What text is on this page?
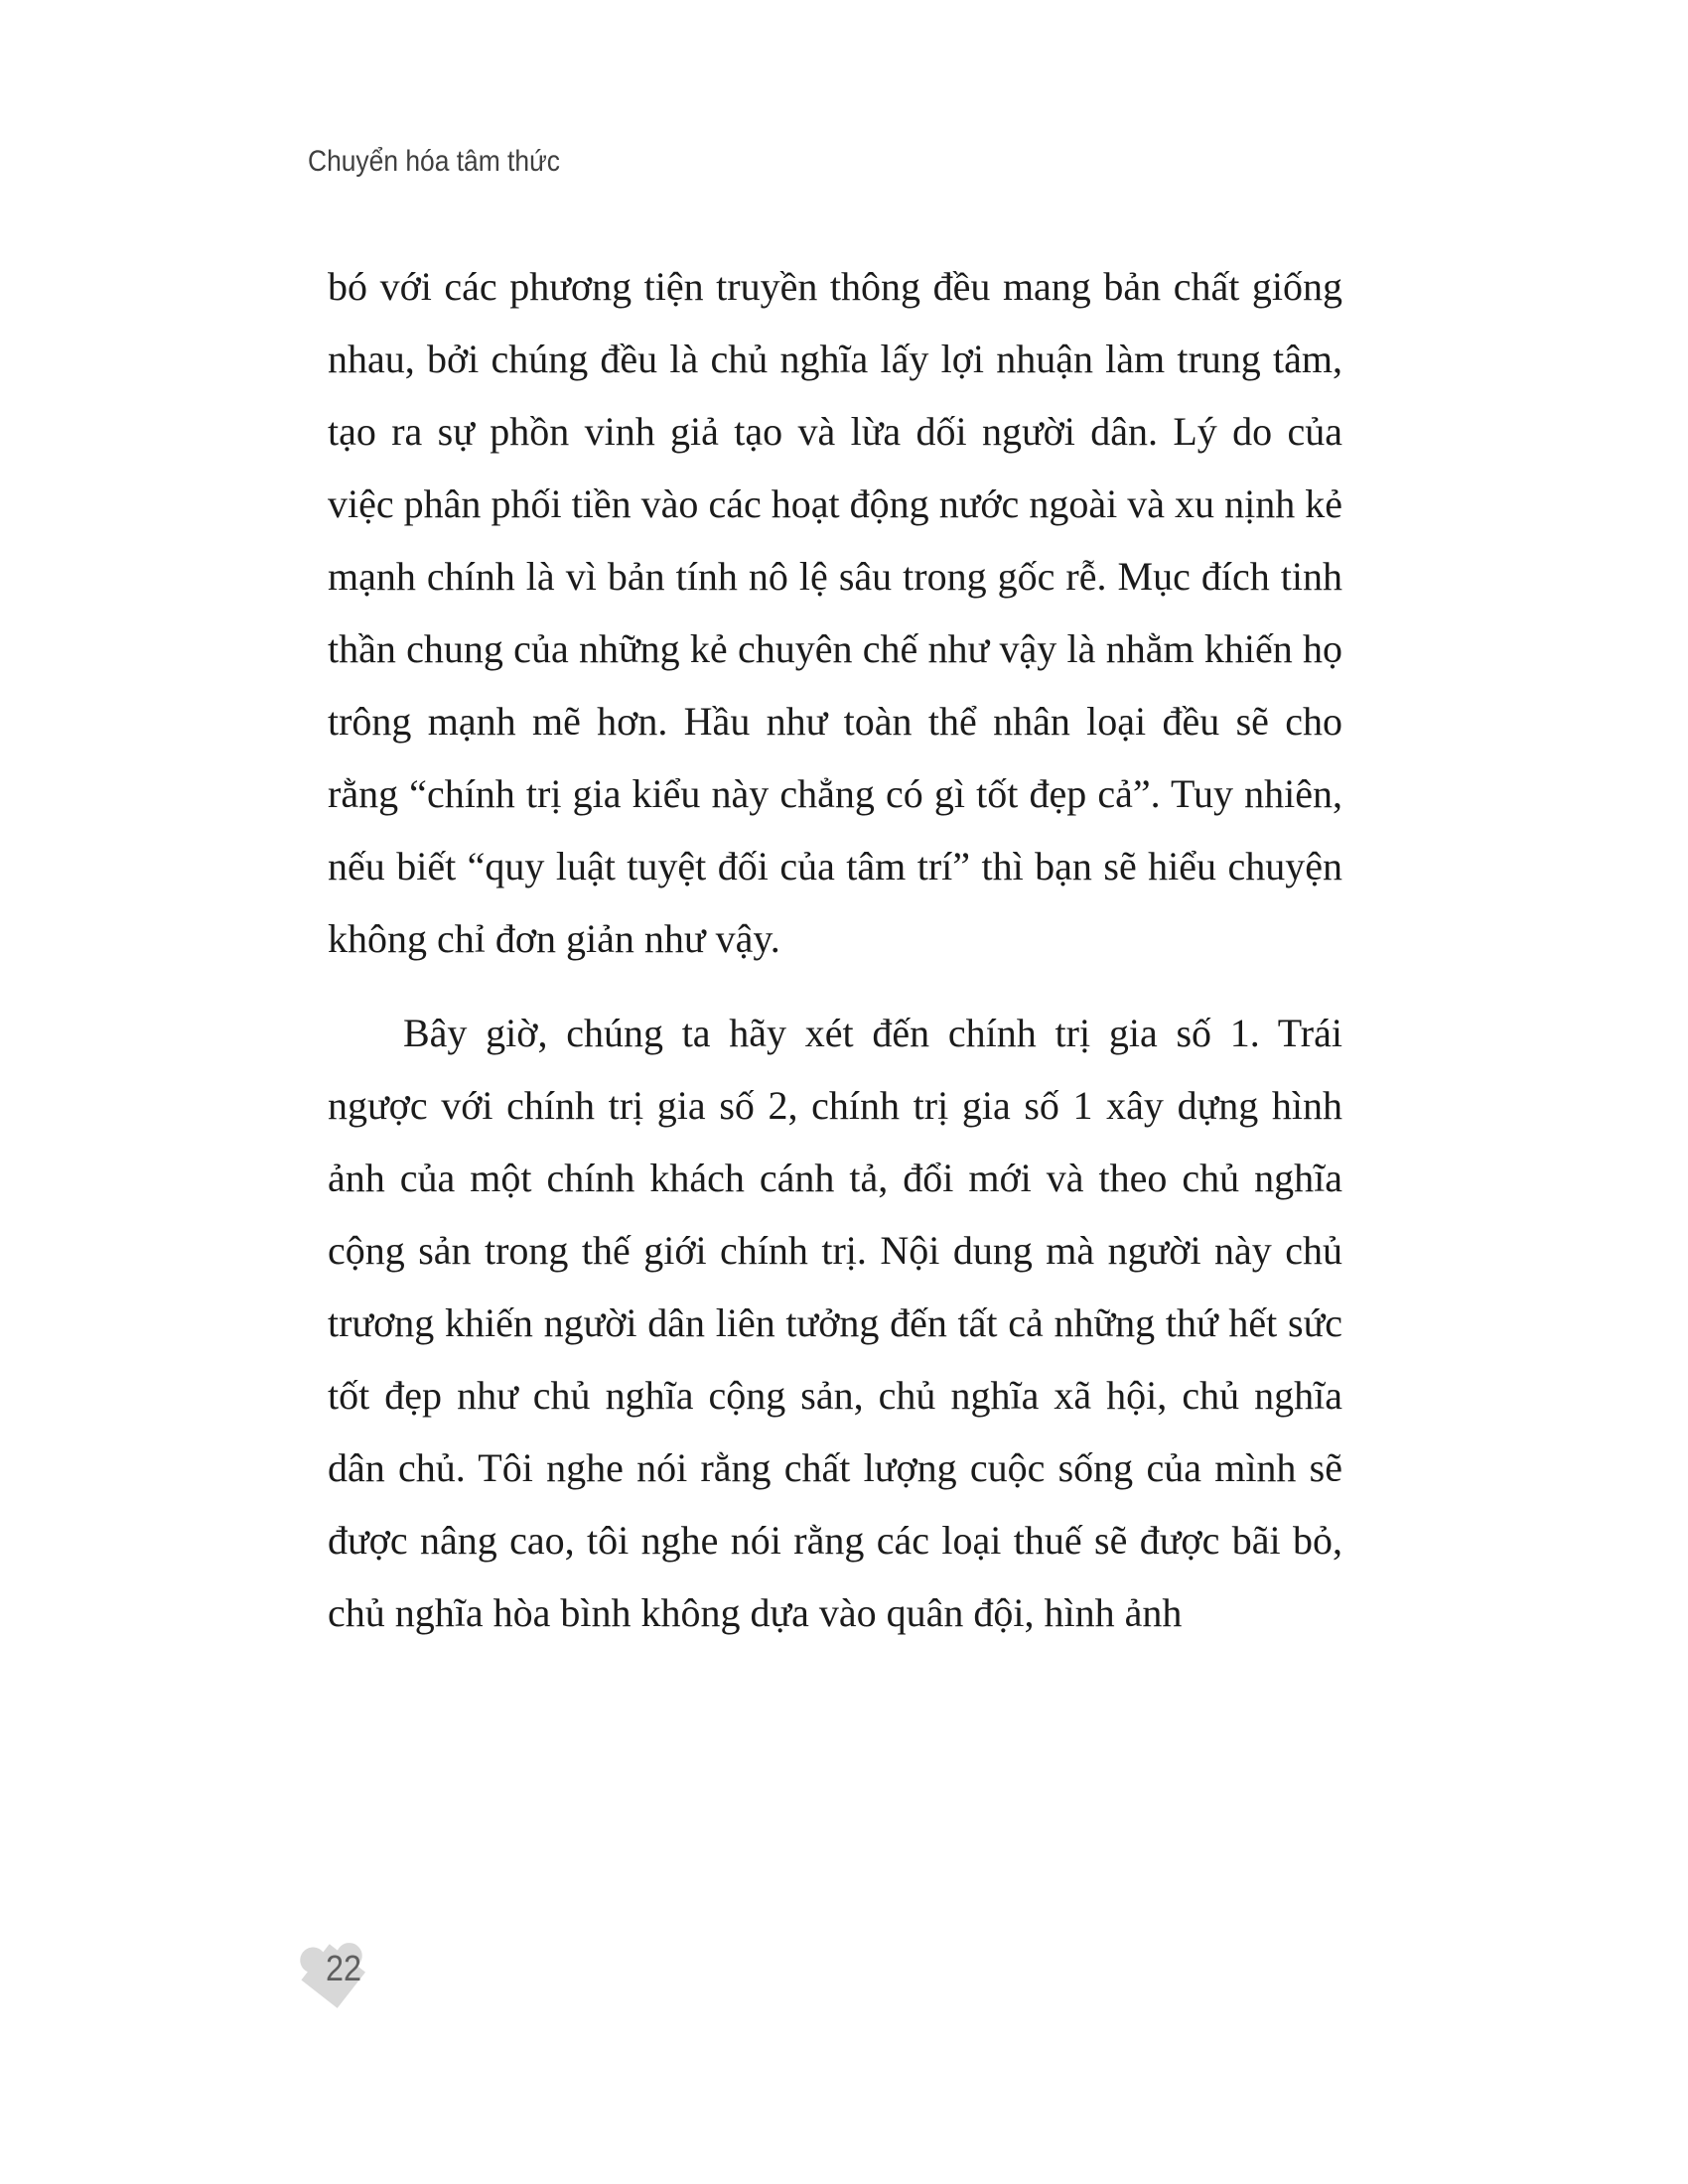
Chuyển hóa tâm thức

bó với các phương tiện truyền thông đều mang bản chất giống nhau, bởi chúng đều là chủ nghĩa lấy lợi nhuận làm trung tâm, tạo ra sự phồn vinh giả tạo và lừa dối người dân. Lý do của việc phân phối tiền vào các hoạt động nước ngoài và xu nịnh kẻ mạnh chính là vì bản tính nô lệ sâu trong gốc rễ. Mục đích tinh thần chung của những kẻ chuyên chế như vậy là nhằm khiến họ trông mạnh mẽ hơn. Hầu như toàn thể nhân loại đều sẽ cho rằng “chính trị gia kiểu này chẳng có gì tốt đẹp cả”. Tuy nhiên, nếu biết “quy luật tuyệt đối của tâm trí” thì bạn sẽ hiểu chuyện không chỉ đơn giản như vậy.

Bây giờ, chúng ta hãy xét đến chính trị gia số 1. Trái ngược với chính trị gia số 2, chính trị gia số 1 xây dựng hình ảnh của một chính khách cánh tả, đổi mới và theo chủ nghĩa cộng sản trong thế giới chính trị. Nội dung mà người này chủ trương khiến người dân liên tưởng đến tất cả những thứ hết sức tốt đẹp như chủ nghĩa cộng sản, chủ nghĩa xã hội, chủ nghĩa dân chủ. Tôi nghe nói rằng chất lượng cuộc sống của mình sẽ được nâng cao, tôi nghe nói rằng các loại thuế sẽ được bãi bỏ, chủ nghĩa hòa bình không dựa vào quân đội, hình ảnh

22
